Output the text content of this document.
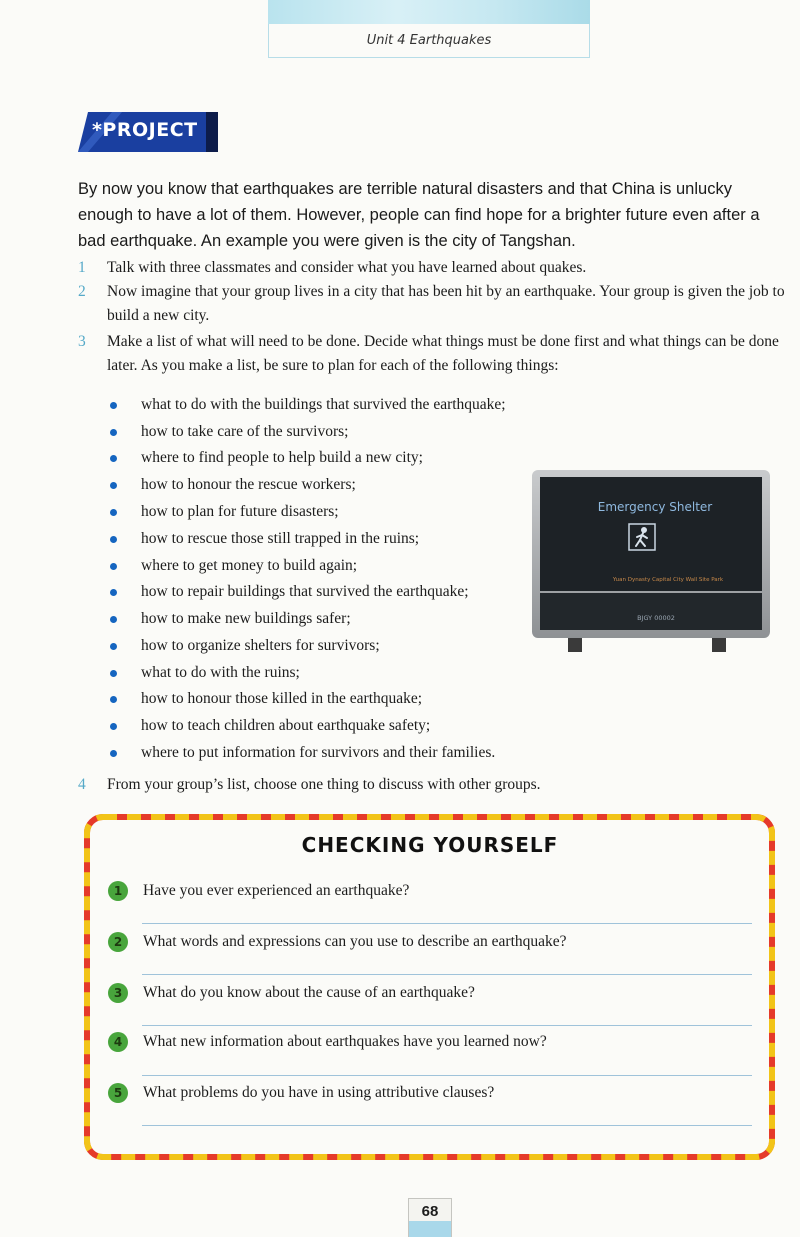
Unit 4 Earthquakes
*PROJECT
By now you know that earthquakes are terrible natural disasters and that China is unlucky enough to have a lot of them. However, people can find hope for a brighter future even after a bad earthquake. An example you were given is the city of Tangshan.
1	Talk with three classmates and consider what you have learned about quakes.
2	Now imagine that your group lives in a city that has been hit by an earthquake. Your group is given the job to build a new city.
3	Make a list of what will need to be done. Decide what things must be done first and what things can be done later. As you make a list, be sure to plan for each of the following things:
what to do with the buildings that survived the earthquake;
how to take care of the survivors;
where to find people to help build a new city;
how to honour the rescue workers;
how to plan for future disasters;
how to rescue those still trapped in the ruins;
where to get money to build again;
how to repair buildings that survived the earthquake;
how to make new buildings safer;
how to organize shelters for survivors;
what to do with the ruins;
how to honour those killed in the earthquake;
how to teach children about earthquake safety;
where to put information for survivors and their families.
Emergency Shelter
Yuan Dynasty Capital City Wall Site Park
BJGY 00002
4	From your group’s list, choose one thing to discuss with other groups.
CHECKING YOURSELF
1	Have you ever experienced an earthquake?
2	What words and expressions can you use to describe an earthquake?
3	What do you know about the cause of an earthquake?
4	What new information about earthquakes have you learned now?
5	What problems do you have in using attributive clauses?
68
